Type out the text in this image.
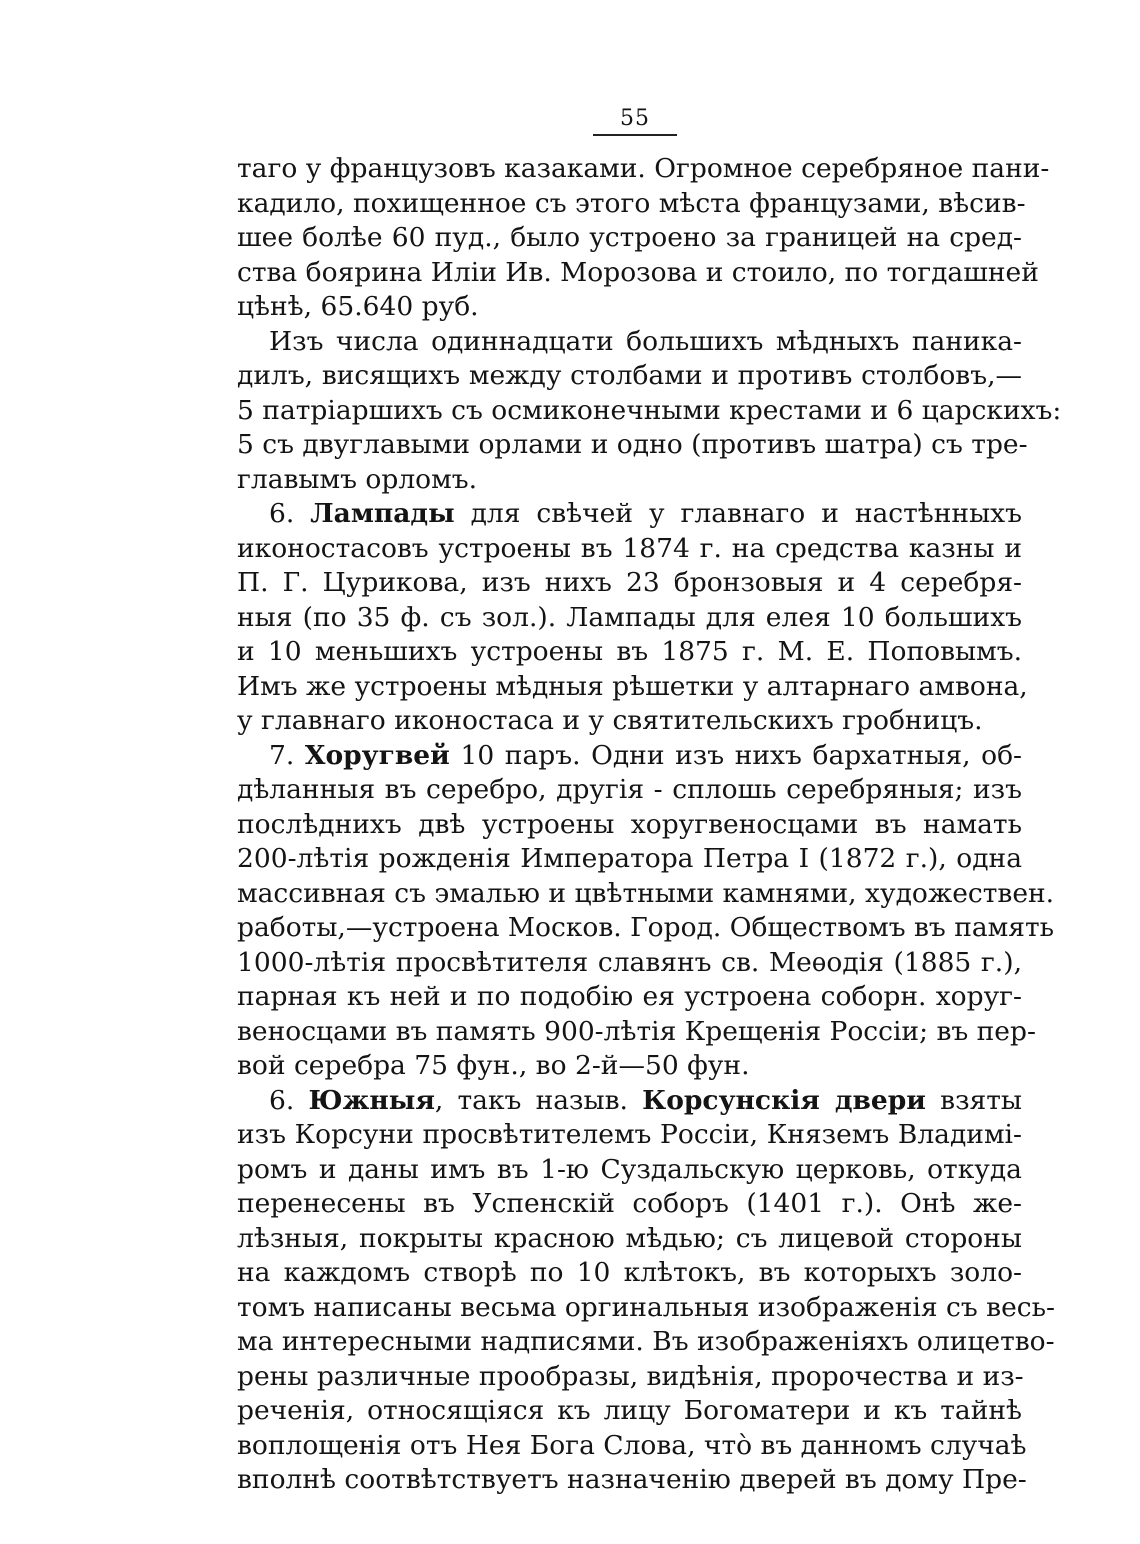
55
таго у французовъ казаками. Огромное серебряное пани-
кадило, похищенное съ этого мѣста французами, вѣсив-
шее болѣе 60 пуд., было устроено за границей на сред-
ства боярина Илiи Ив. Морозова и стоило, по тогдашней
цѣнѣ, 65.640 руб.
Изъ числа одиннадцати большихъ мѣдныхъ паника-
дилъ, висящихъ между столбами и противъ столбовъ,—
5 патрiаршихъ съ осмиконечными крестами и 6 царскихъ:
5 съ двуглавыми орлами и одно (противъ шатра) съ тре-
главымъ орломъ.
6. Лампады для свѣчей у главнаго и настѣнныхъ
иконостасовъ устроены въ 1874 г. на средства казны и
П. Г. Цурикова, изъ нихъ 23 бронзовыя и 4 серебря-
ныя (по 35 ф. съ зол.). Лампады для елея 10 большихъ
и 10 меньшихъ устроены въ 1875 г. М. Е. Поповымъ.
Имъ же устроены мѣдныя рѣшетки у алтарнаго амвона,
у главнаго иконостаса и у святительскихъ гробницъ.
7. Хоругвей 10 паръ. Одни изъ нихъ бархатныя, об-
дѣланныя въ серебро, другiя - сплошь серебряныя; изъ
послѣднихъ двѣ устроены хоругвеносцами въ намать
200-лѣтiя рожденiя Императора Петра I (1872 г.), одна
массивная съ эмалью и цвѣтными камнями, художествен.
работы,—устроена Москов. Город. Обществомъ въ память
1000-лѣтiя просвѣтителя славянъ св. Меѳодiя (1885 г.),
парная къ ней и по подобiю ея устроена соборн. хоруг-
веносцами въ память 900-лѣтiя Крещенiя Россiи; въ пер-
вой серебра 75 фун., во 2-й—50 фун.
6. Южныя, такъ назыв. Корсунскiя двери взяты
изъ Корсуни просвѣтителемъ Россiи, Княземъ Владимi-
ромъ и даны имъ въ 1-ю Суздальскую церковь, откуда
перенесены въ Успенскiй соборъ (1401 г.). Онѣ же-
лѣзныя, покрыты красною мѣдью; съ лицевой стороны
на каждомъ створѣ по 10 клѣтокъ, въ которыхъ золо-
томъ написаны весьма оргинальныя изображенiя съ весь-
ма интересными надписями. Въ изображенiяхъ олицетво-
рены различные прообразы, видѣнiя, пророчества и из-
реченiя, относящiяся къ лицу Богоматери и къ тайнѣ
воплощенiя отъ Нея Бога Слова, чтò въ данномъ случаѣ
вполнѣ соотвѣтствуетъ назначенiю дверей въ дому Пре-
